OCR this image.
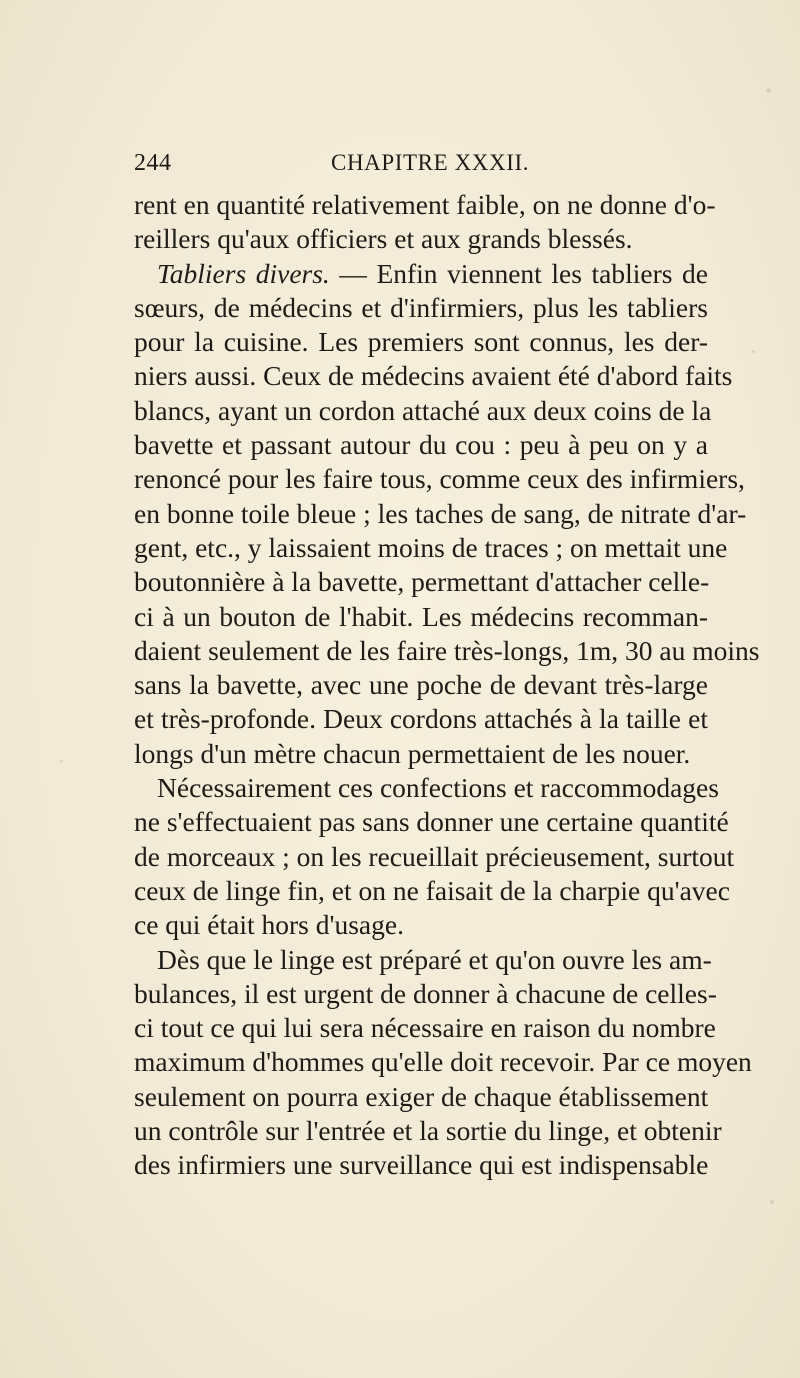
244	CHAPITRE XXXII.
rent en quantité relativement faible, on ne donne d'o-
reillers qu'aux officiers et aux grands blessés.
Tabliers divers. — Enfin viennent les tabliers de
sœurs, de médecins et d'infirmiers, plus les tabliers
pour la cuisine. Les premiers sont connus, les der-
niers aussi. Ceux de médecins avaient été d'abord faits
blancs, ayant un cordon attaché aux deux coins de la
bavette et passant autour du cou : peu à peu on y a
renoncé pour les faire tous, comme ceux des infirmiers,
en bonne toile bleue ; les taches de sang, de nitrate d'ar-
gent, etc., y laissaient moins de traces ; on mettait une
boutonnière à la bavette, permettant d'attacher celle-
ci à un bouton de l'habit. Les médecins recomman-
daient seulement de les faire très-longs, 1m, 30 au moins
sans la bavette, avec une poche de devant très-large
et très-profonde. Deux cordons attachés à la taille et
longs d'un mètre chacun permettaient de les nouer.
Nécessairement ces confections et raccommodages
ne s'effectuaient pas sans donner une certaine quantité
de morceaux ; on les recueillait précieusement, surtout
ceux de linge fin, et on ne faisait de la charpie qu'avec
ce qui était hors d'usage.
Dès que le linge est préparé et qu'on ouvre les am-
bulances, il est urgent de donner à chacune de celles-
ci tout ce qui lui sera nécessaire en raison du nombre
maximum d'hommes qu'elle doit recevoir. Par ce moyen
seulement on pourra exiger de chaque établissement
un contrôle sur l'entrée et la sortie du linge, et obtenir
des infirmiers une surveillance qui est indispensable
